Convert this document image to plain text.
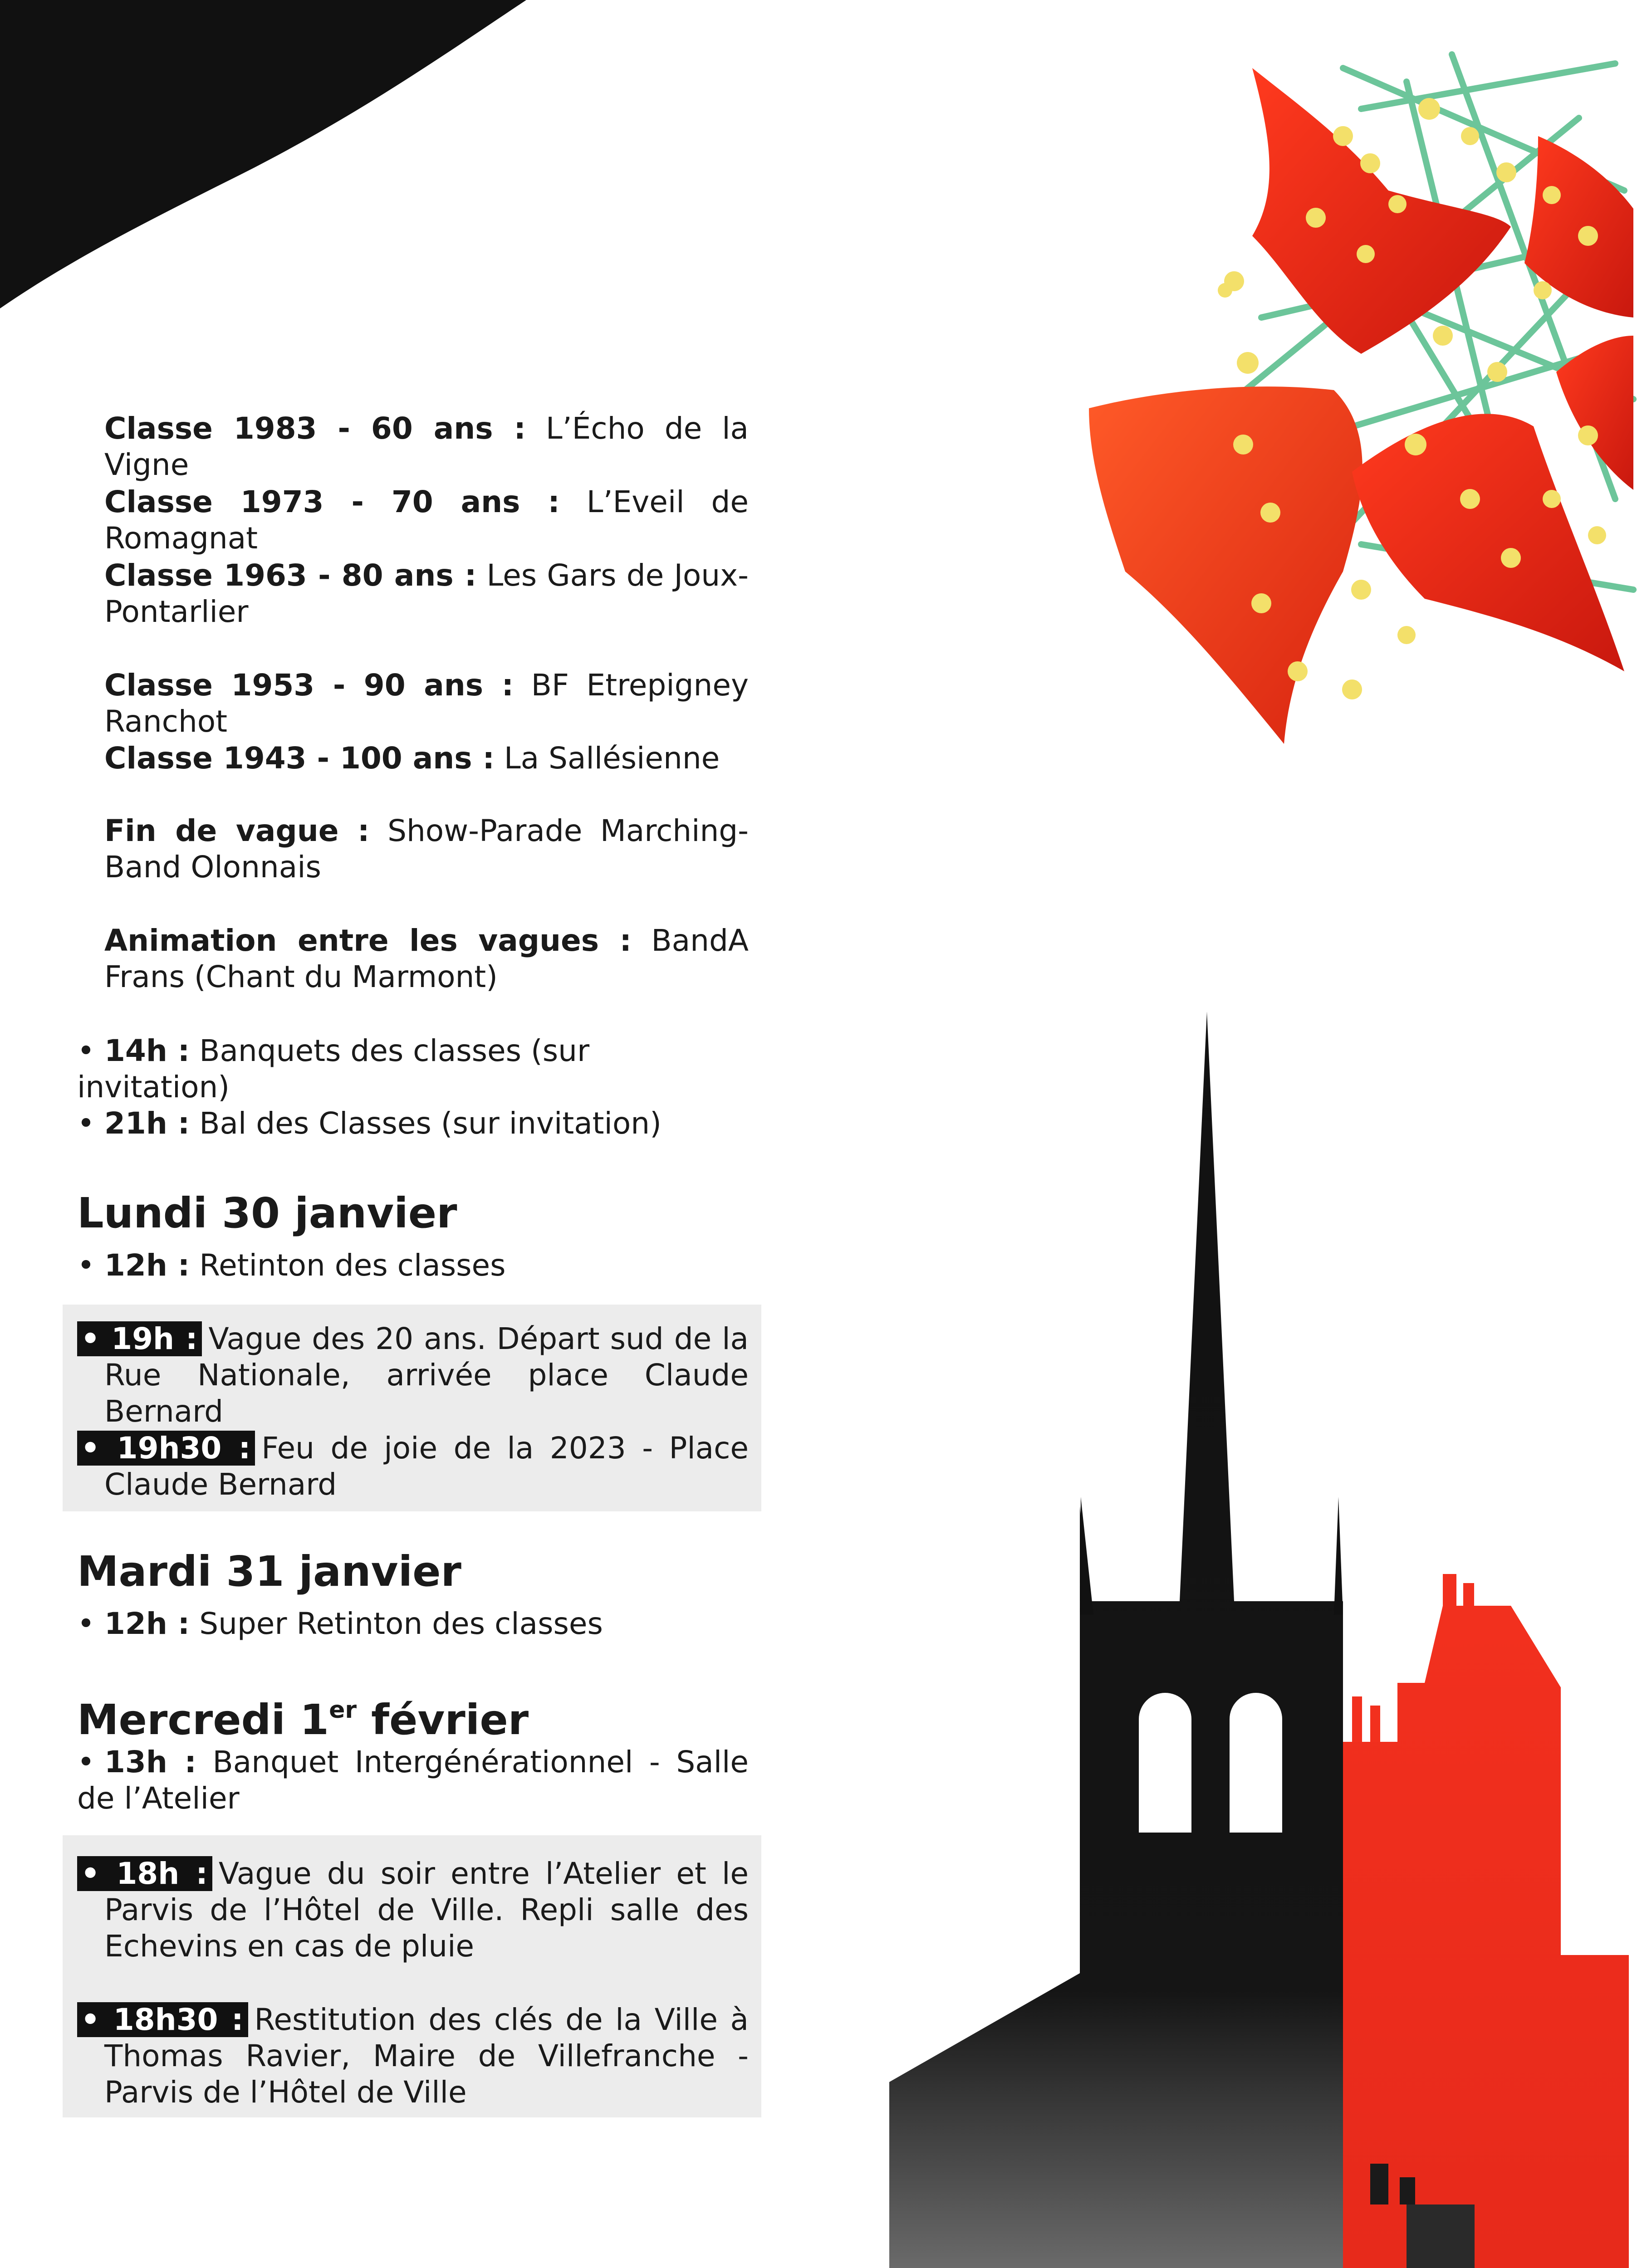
Classe 1983 - 60 ans : L’Écho de la Vigne

Classe 1973 - 70 ans : L’Eveil de Romagnat

Classe 1963 - 80 ans : Les Gars de Joux-Pontarlier

Classe 1953 - 90 ans : BF Etrepigney Ranchot

Classe 1943 - 100 ans : La Sallésienne

Fin de vague : Show-Parade Marching-Band Olonnais

Animation entre les vagues : BandA Frans (Chant du Marmont)

• 14h : Banquets des classes (sur invitation)

• 21h : Bal des Classes (sur invitation)

Lundi 30 janvier

• 12h : Retinton des classes

• 19h : Vague des 20 ans. Départ sud de la Rue Nationale, arrivée place Claude Bernard

• 19h30 : Feu de joie de la 2023 - Place Claude Bernard

Mardi 31 janvier

• 12h : Super Retinton des classes

Mercredi 1er février

• 13h : Banquet Intergénérationnel - Salle de l’Atelier

• 18h : Vague du soir entre l’Atelier et le Parvis de l’Hôtel de Ville. Repli salle des Echevins en cas de pluie

• 18h30 : Restitution des clés de la Ville à Thomas Ravier, Maire de Villefranche - Parvis de l’Hôtel de Ville
